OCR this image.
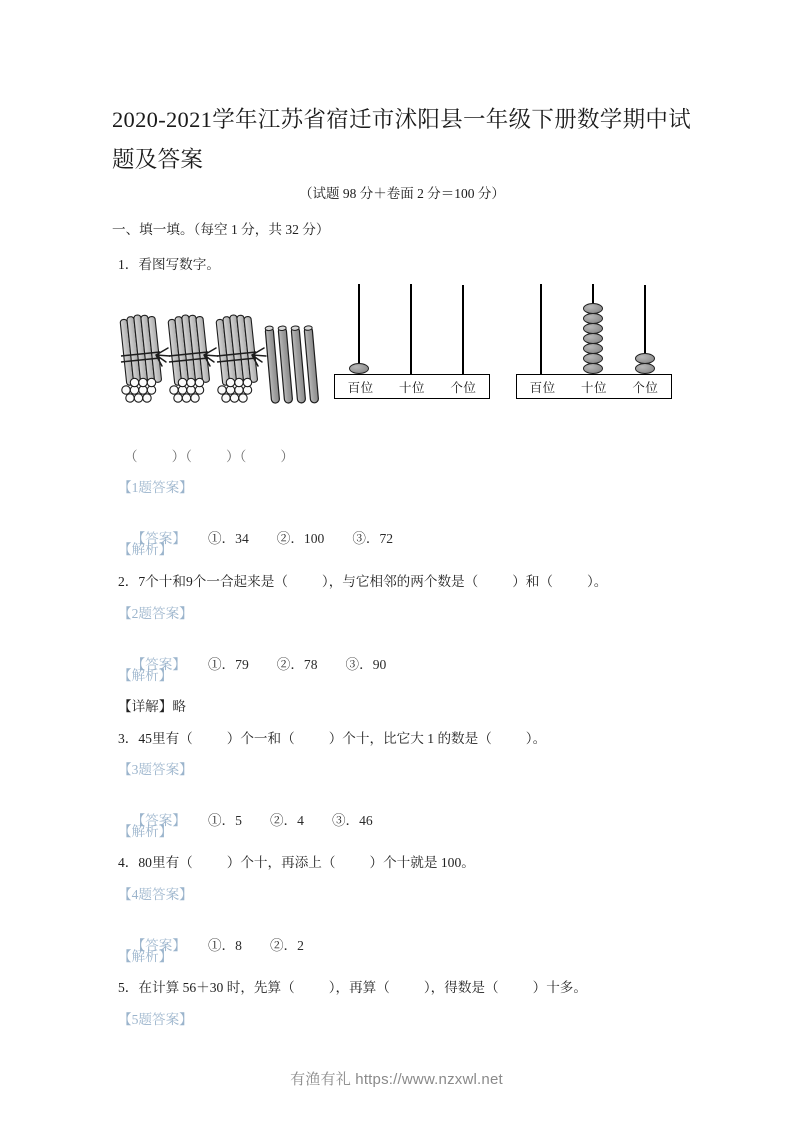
2020-2021学年江苏省宿迁市沭阳县一年级下册数学期中试题及答案
（试题 98 分＋卷面 2 分＝100 分）
一、填一填。（每空 1 分，共 32 分）
1．看图写数字。
百位 十位 个位	百位 十位 个位
（          ）（          ）（          ）
【1题答案】

【答案】 ①．34 ②．100 ③．72

【解析】
2．7个十和9个一合起来是（          ），与它相邻的两个数是（          ）和（          ）。
【2题答案】

【答案】 ①．79 ②．78 ③．90

【解析】
【详解】略
3．45里有（          ）个一和（          ）个十，比它大 1 的数是（          ）。
【3题答案】

【答案】 ①．5 ②．4 ③．46

【解析】
4．80里有（          ）个十，再添上（          ）个十就是 100。
【4题答案】

【答案】 ①．8 ②．2

【解析】
5．在计算 56＋30 时，先算（          ），再算（          ），得数是（          ）十多。
【5题答案】
有渔有礼 https://www.nzxwl.net
